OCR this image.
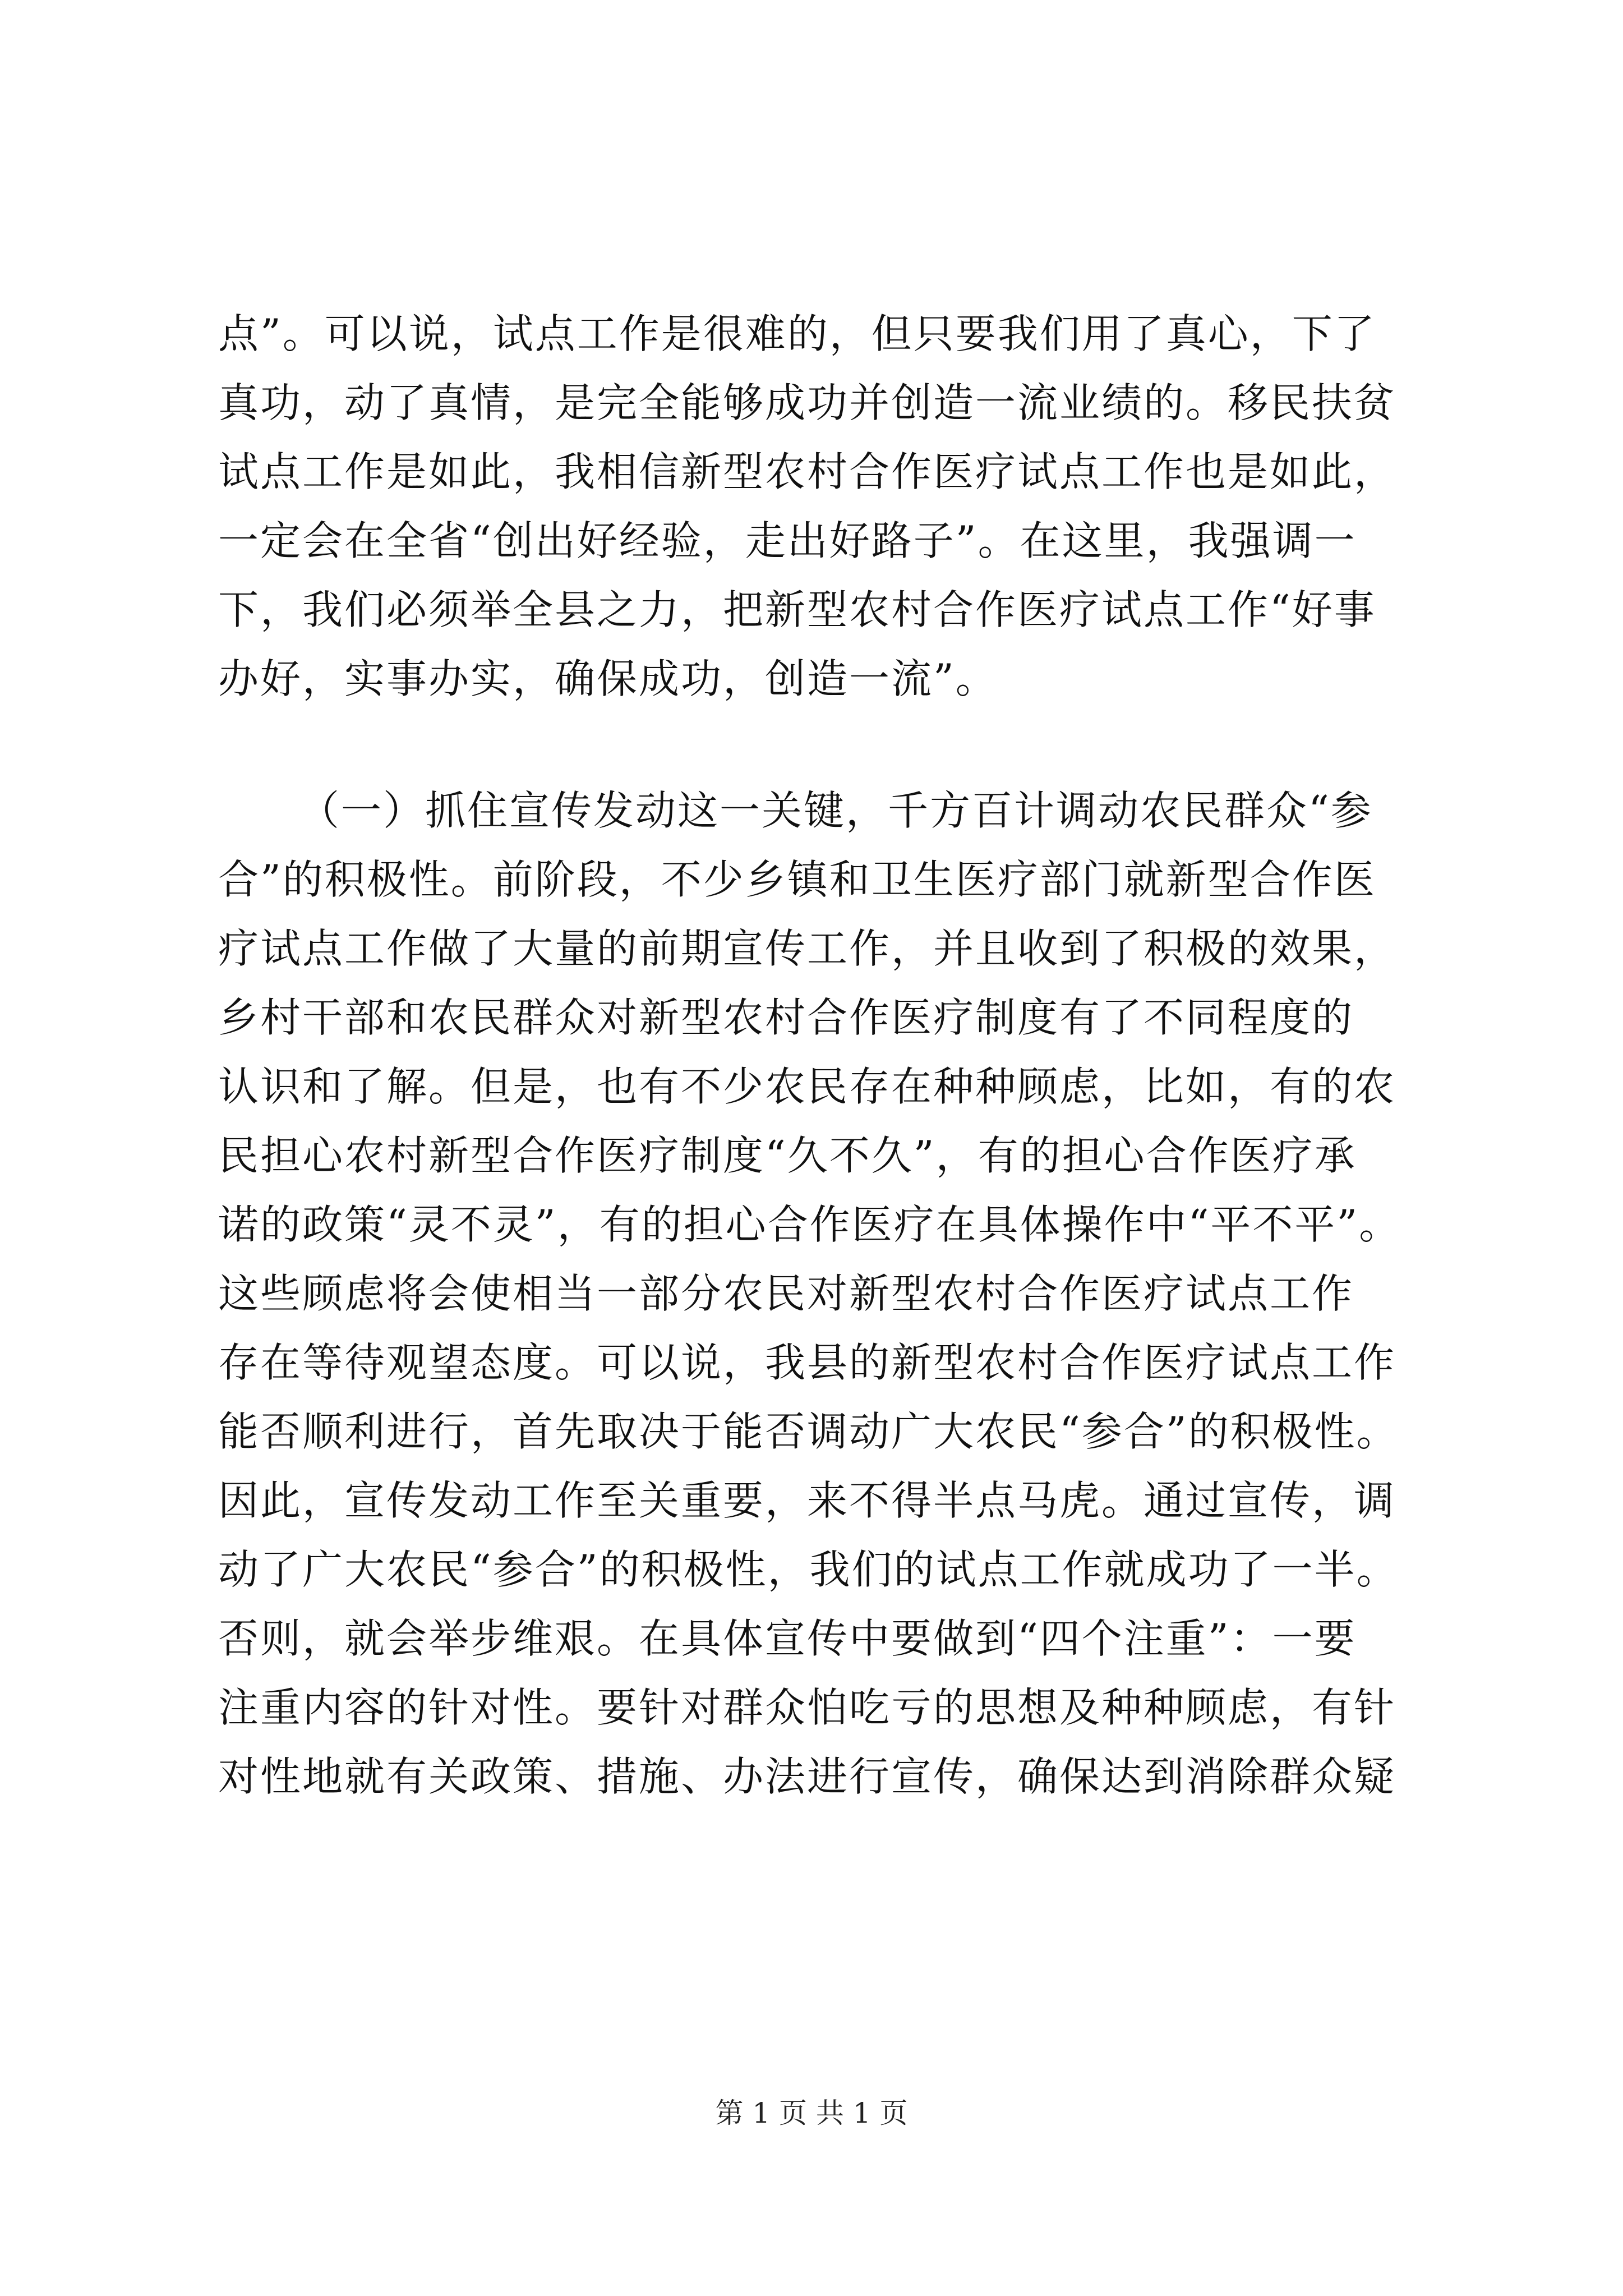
点”。可以说，试点工作是很难的，但只要我们用了真心，下了
真功，动了真情，是完全能够成功并创造一流业绩的。移民扶贫
试点工作是如此，我相信新型农村合作医疗试点工作也是如此，
一定会在全省“创出好经验，走出好路子”。在这里，我强调一
下，我们必须举全县之力，把新型农村合作医疗试点工作“好事
办好，实事办实，确保成功，创造一流”。
（一）抓住宣传发动这一关键，千方百计调动农民群众“参
合”的积极性。前阶段，不少乡镇和卫生医疗部门就新型合作医
疗试点工作做了大量的前期宣传工作，并且收到了积极的效果，
乡村干部和农民群众对新型农村合作医疗制度有了不同程度的
认识和了解。但是，也有不少农民存在种种顾虑，比如，有的农
民担心农村新型合作医疗制度“久不久”，有的担心合作医疗承
诺的政策“灵不灵”，有的担心合作医疗在具体操作中“平不平”。
这些顾虑将会使相当一部分农民对新型农村合作医疗试点工作
存在等待观望态度。可以说，我县的新型农村合作医疗试点工作
能否顺利进行，首先取决于能否调动广大农民“参合”的积极性。
因此，宣传发动工作至关重要，来不得半点马虎。通过宣传，调
动了广大农民“参合”的积极性，我们的试点工作就成功了一半。
否则，就会举步维艰。在具体宣传中要做到“四个注重”：一要
注重内容的针对性。要针对群众怕吃亏的思想及种种顾虑，有针
对性地就有关政策、措施、办法进行宣传，确保达到消除群众疑
第 1 页 共 1 页
